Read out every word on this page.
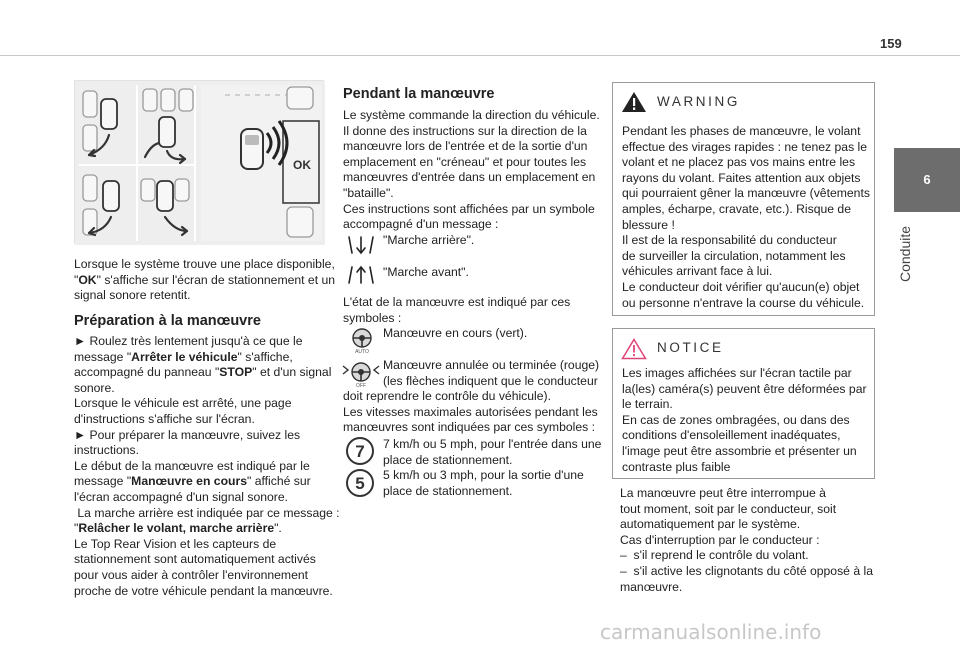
159
6
Conduite
OK
Lorsque le système trouve une place disponible,
"OK" s'affiche sur l'écran de stationnement et un
signal sonore retentit.
Préparation à la manœuvre
► Roulez très lentement jusqu'à ce que le
message "Arrêter le véhicule" s'affiche,
accompagné du panneau "STOP" et d'un signal
sonore.
Lorsque le véhicule est arrêté, une page
d'instructions s'affiche sur l'écran.
► Pour préparer la manœuvre, suivez les
instructions.
Le début de la manœuvre est indiqué par le
message "Manœuvre en cours" affiché sur
l'écran accompagné d'un signal sonore.
La marche arrière est indiquée par ce message :
"Relâcher le volant, marche arrière".
Le Top Rear Vision et les capteurs de
stationnement sont automatiquement activés
pour vous aider à contrôler l'environnement
proche de votre véhicule pendant la manœuvre.
Pendant la manœuvre
Le système commande la direction du véhicule.
Il donne des instructions sur la direction de la
manœuvre lors de l'entrée et de la sortie d'un
emplacement en "créneau" et pour toutes les
manœuvres d'entrée dans un emplacement en
"bataille".
Ces instructions sont affichées par un symbole
accompagné d'un message :
"Marche arrière".
"Marche avant".
L'état de la manœuvre est indiqué par ces
symboles :
AUTO
Manœuvre en cours (vert).
OFF
Manœuvre annulée ou terminée (rouge)
(les flèches indiquent que le conducteur
doit reprendre le contrôle du véhicule).
Les vitesses maximales autorisées pendant les
manœuvres sont indiquées par ces symboles :
7 7 km/h ou 5 mph, pour l'entrée dans une
place de stationnement.
5 5 km/h ou 3 mph, pour la sortie d'une
place de stationnement.
WARNING
Pendant les phases de manœuvre, le volant
effectue des virages rapides : ne tenez pas le
volant et ne placez pas vos mains entre les
rayons du volant. Faites attention aux objets
qui pourraient gêner la manœuvre (vêtements
amples, écharpe, cravate, etc.). Risque de
blessure !
Il est de la responsabilité du conducteur
de surveiller la circulation, notamment les
véhicules arrivant face à lui.
Le conducteur doit vérifier qu'aucun(e) objet
ou personne n'entrave la course du véhicule.
NOTICE
Les images affichées sur l'écran tactile par
la(les) caméra(s) peuvent être déformées par
le terrain.
En cas de zones ombragées, ou dans des
conditions d'ensoleillement inadéquates,
l'image peut être assombrie et présenter un
contraste plus faible
La manœuvre peut être interrompue à
tout moment, soit par le conducteur, soit
automatiquement par le système.
Cas d'interruption par le conducteur :
–  s'il reprend le contrôle du volant.
–  s'il active les clignotants du côté opposé à la
manœuvre.
carmanualsonline.info
